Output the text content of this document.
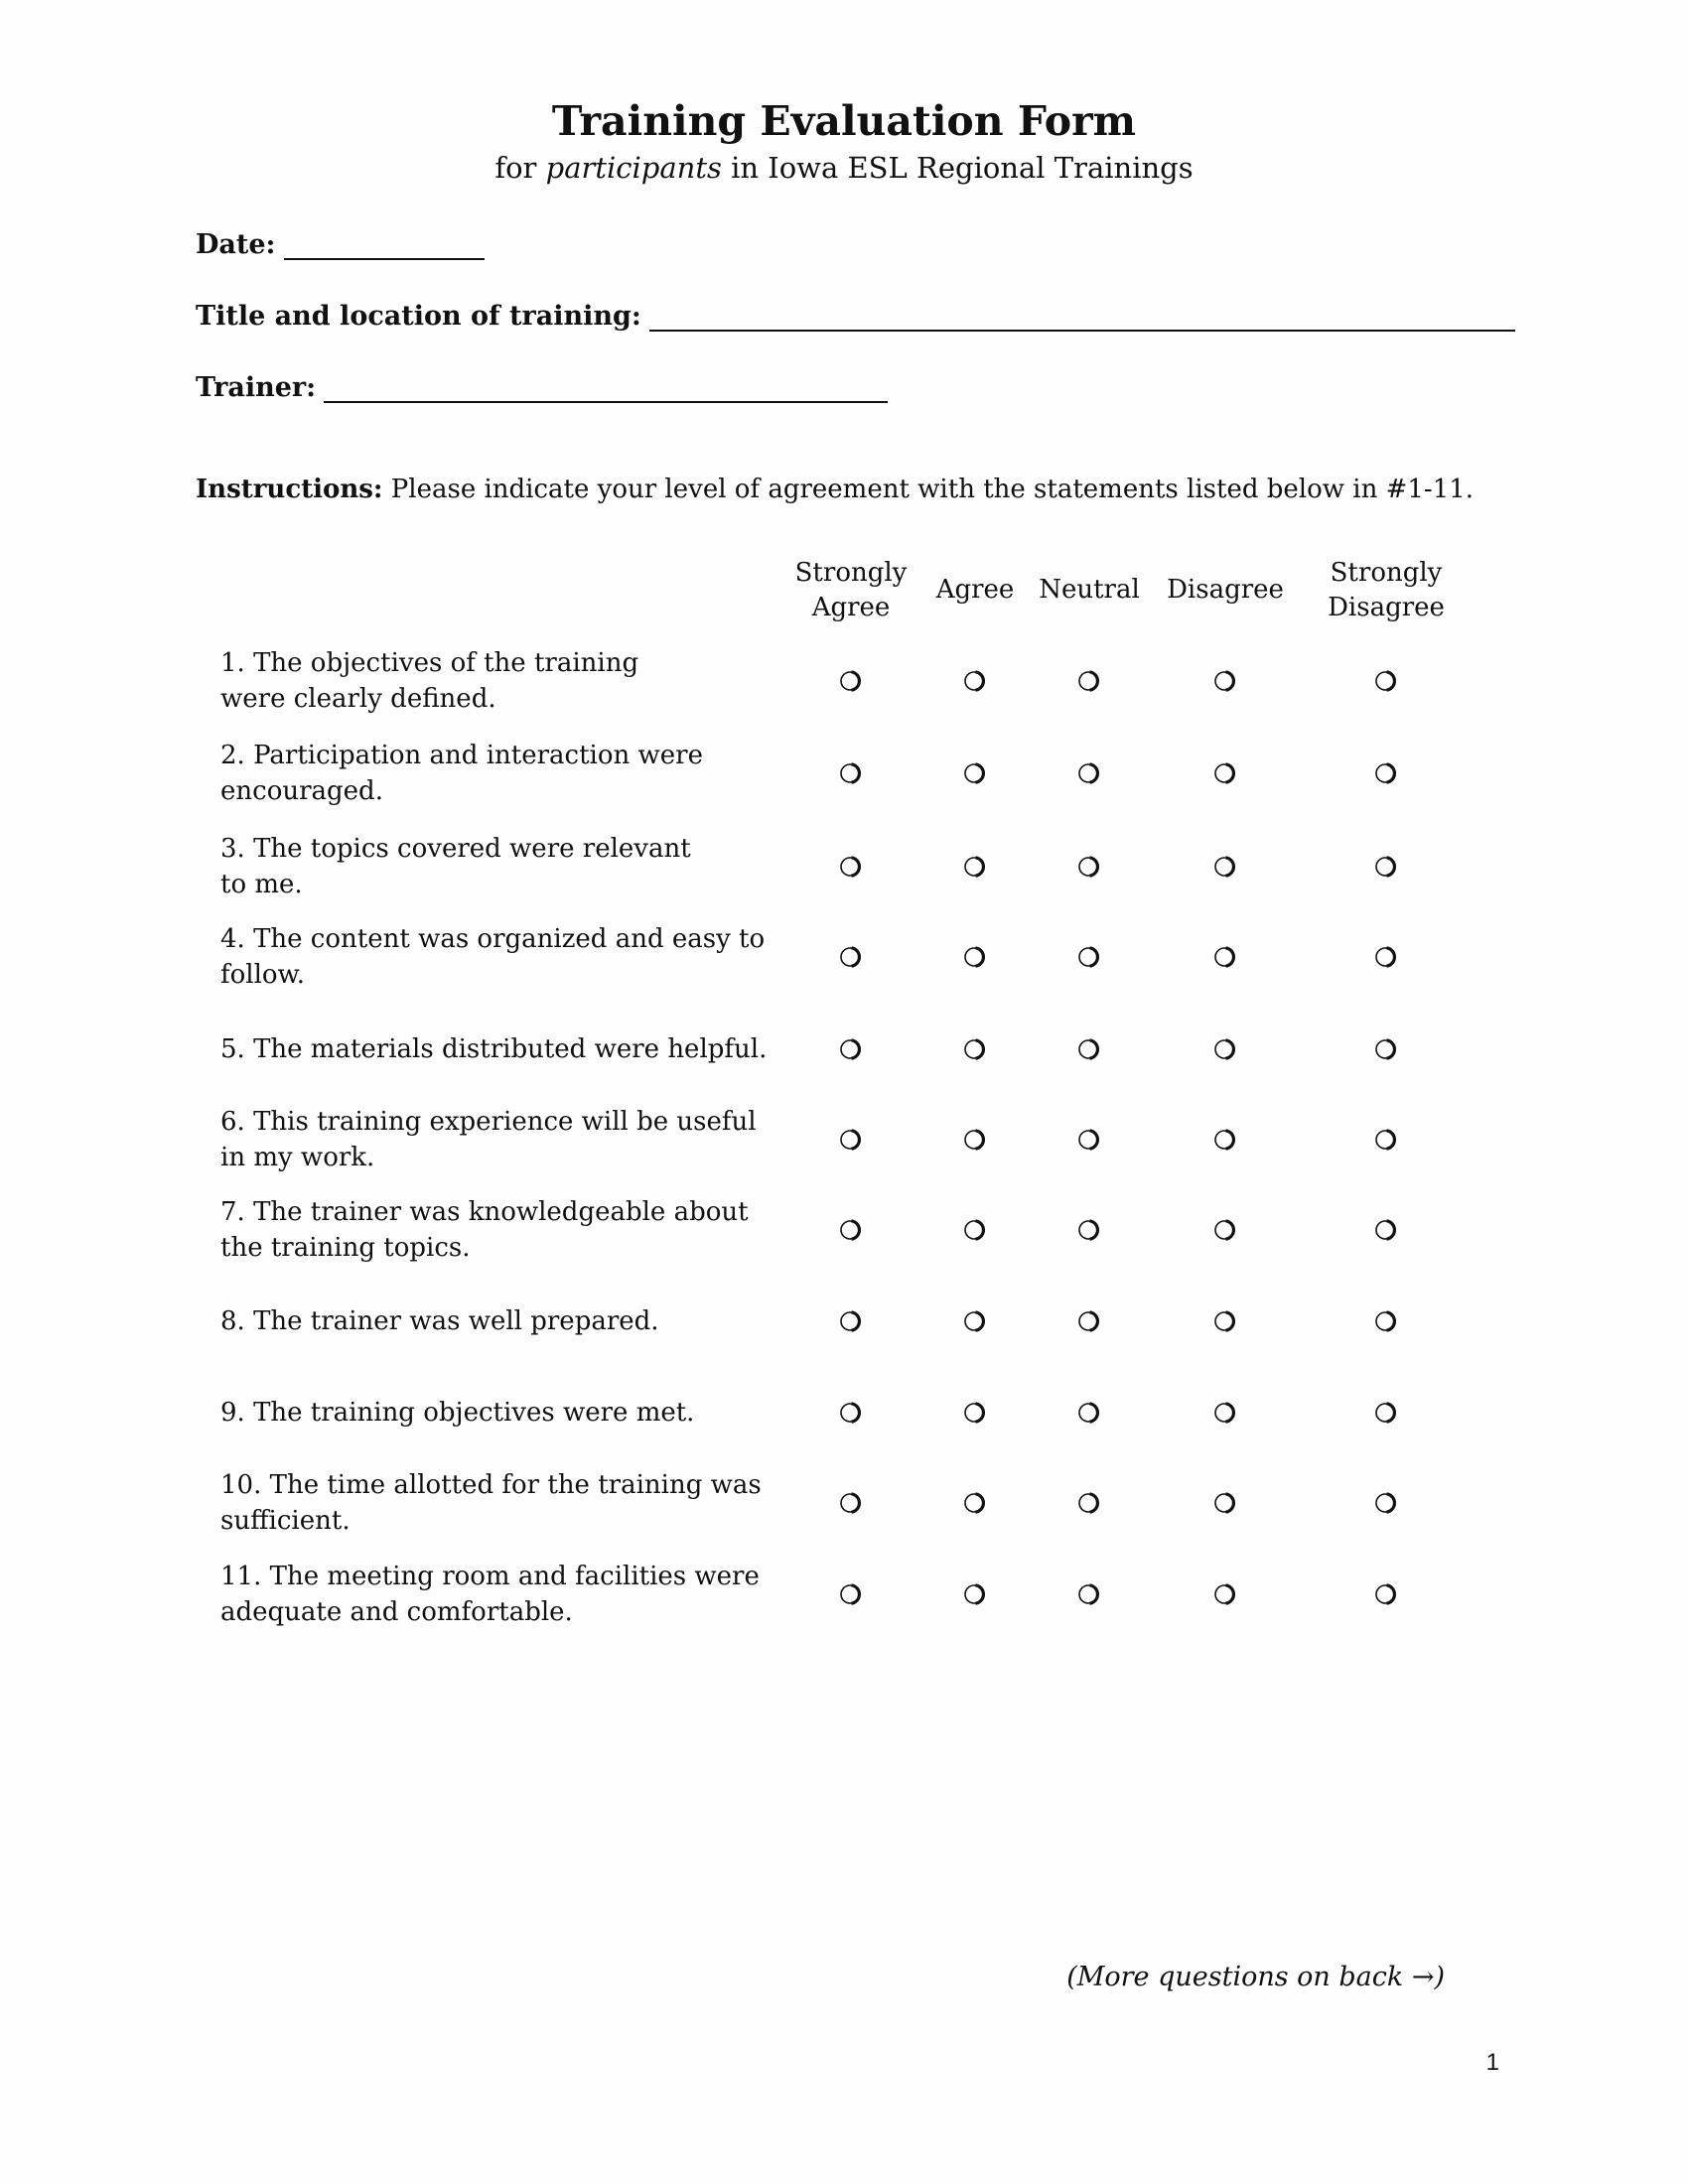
Training Evaluation Form

for participants in Iowa ESL Regional Trainings

Date:
Title and location of training:
Trainer:
Instructions: Please indicate your level of agreement with the statements listed below in #1-11.
Strongly
Agree
Agree Neutral	Disagree
Strongly
Disagree
1. The objectives of the training
were clearly defined.
2. Participation and interaction were
encouraged.
3. The topics covered were relevant
to me.
4. The content was organized and easy to
follow.
5. The materials distributed were helpful.
6. This training experience will be useful
in my work.
7. The trainer was knowledgeable about
the training topics.
8. The trainer was well prepared.
9. The training objectives were met.
10. The time allotted for the training was
sufficient.
11. The meeting room and facilities were
adequate and comfortable.
(More questions on back →)
1
